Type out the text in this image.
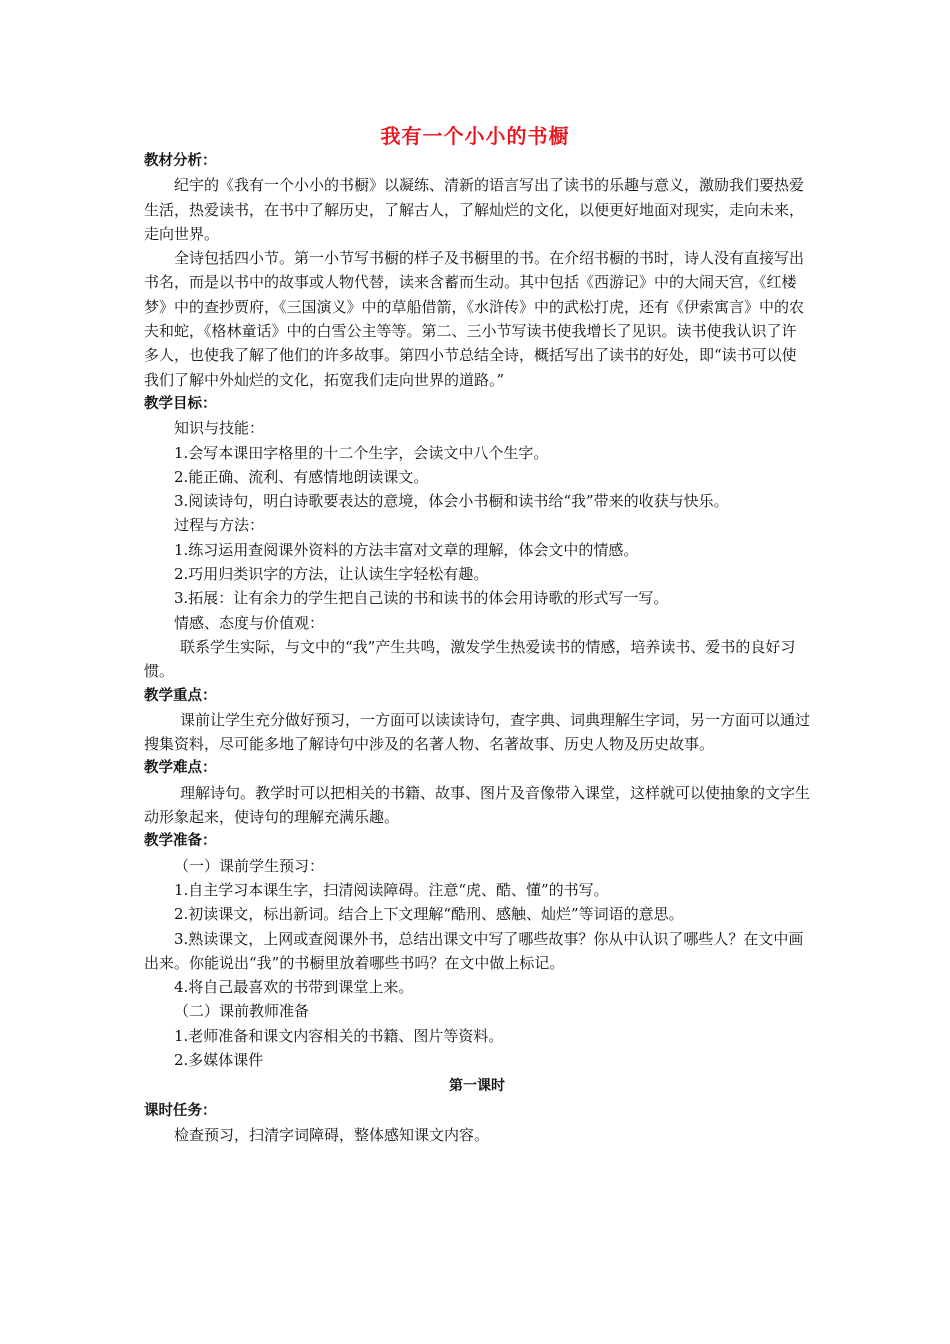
我有一个小小的书橱

教材分析：

纪宇的《我有一个小小的书橱》以凝练、清新的语言写出了读书的乐趣与意义，激励我们要热爱生活，热爱读书，在书中了解历史，了解古人，了解灿烂的文化，以便更好地面对现实，走向未来，走向世界。

全诗包括四小节。第一小节写书橱的样子及书橱里的书。在介绍书橱的书时，诗人没有直接写出书名，而是以书中的故事或人物代替，读来含蓄而生动。其中包括《西游记》中的大闹天宫，《红楼梦》中的查抄贾府，《三国演义》中的草船借箭，《水浒传》中的武松打虎，还有《伊索寓言》中的农夫和蛇，《格林童话》中的白雪公主等等。第二、三小节写读书使我增长了见识。读书使我认识了许多人，也使我了解了他们的许多故事。第四小节总结全诗，概括写出了读书的好处，即“读书可以使我们了解中外灿烂的文化，拓宽我们走向世界的道路。”

教学目标：

知识与技能：

1.会写本课田字格里的十二个生字，会读文中八个生字。

2.能正确、流利、有感情地朗读课文。

3.阅读诗句，明白诗歌要表达的意境，体会小书橱和读书给“我”带来的收获与快乐。

过程与方法：

1.练习运用查阅课外资料的方法丰富对文章的理解，体会文中的情感。

2.巧用归类识字的方法，让认读生字轻松有趣。

3.拓展：让有余力的学生把自己读的书和读书的体会用诗歌的形式写一写。

情感、态度与价值观：

联系学生实际，与文中的“我”产生共鸣，激发学生热爱读书的情感，培养读书、爱书的良好习惯。

教学重点：

课前让学生充分做好预习，一方面可以读读诗句，查字典、词典理解生字词，另一方面可以通过搜集资料，尽可能多地了解诗句中涉及的名著人物、名著故事、历史人物及历史故事。

教学难点：

理解诗句。教学时可以把相关的书籍、故事、图片及音像带入课堂，这样就可以使抽象的文字生动形象起来，使诗句的理解充满乐趣。

教学准备：

（一）课前学生预习：

1.自主学习本课生字，扫清阅读障碍。注意“虎、酷、懂”的书写。

2.初读课文，标出新词。结合上下文理解“酷刑、感触、灿烂”等词语的意思。

3.熟读课文，上网或查阅课外书，总结出课文中写了哪些故事？你从中认识了哪些人？在文中画出来。你能说出“我”的书橱里放着哪些书吗？在文中做上标记。

4.将自己最喜欢的书带到课堂上来。

（二）课前教师准备

1.老师准备和课文内容相关的书籍、图片等资料。

2.多媒体课件

第一课时

课时任务：

检查预习，扫清字词障碍，整体感知课文内容。
